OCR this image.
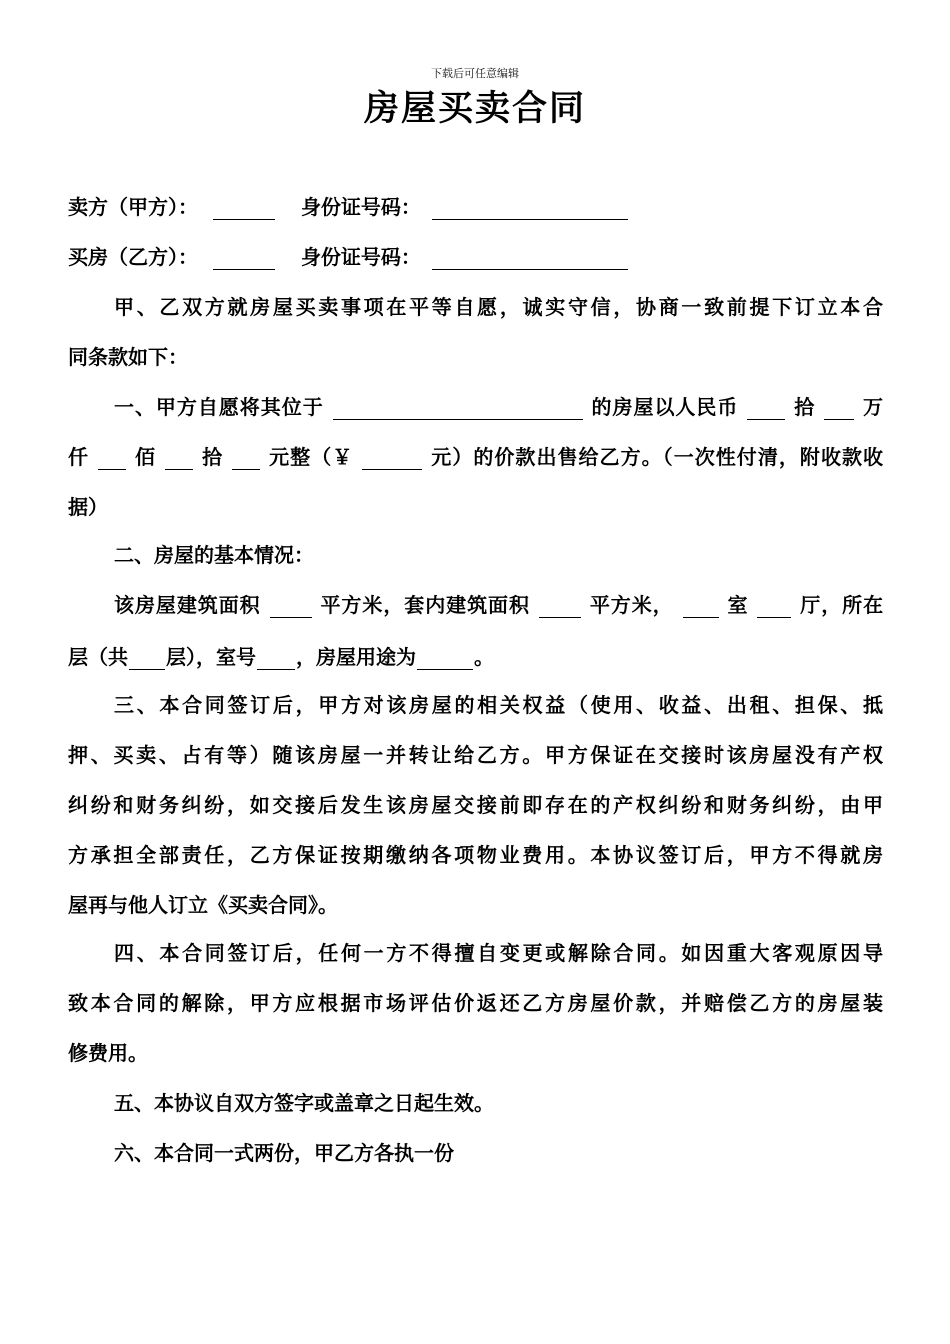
下载后可任意编辑
房屋买卖合同
卖方（甲方）：	身份证号码：
买房（乙方）：	身份证号码：
甲、乙双方就房屋买卖事项在平等自愿，诚实守信，协商一致前提下订立本合
同条款如下：
一、甲方自愿将其位于	的房屋以人民币	拾 万
仟 佰 拾 元整（￥	元）的价款出售给乙方。（一次性付清，附收款收
据）
二、房屋的基本情况：
该房屋建筑面积	平方米，套内建筑面积	平方米，	室	厅，所在
层（共 层），室号 ，房屋用途为	。
三、本合同签订后，甲方对该房屋的相关权益（使用、收益、出租、担保、抵
押、买卖、占有等）随该房屋一并转让给乙方。甲方保证在交接时该房屋没有产权
纠纷和财务纠纷，如交接后发生该房屋交接前即存在的产权纠纷和财务纠纷，由甲
方承担全部责任，乙方保证按期缴纳各项物业费用。本协议签订后，甲方不得就房
屋再与他人订立《买卖合同》。
四、本合同签订后，任何一方不得擅自变更或解除合同。如因重大客观原因导
致本合同的解除，甲方应根据市场评估价返还乙方房屋价款，并赔偿乙方的房屋装
修费用。
五、本协议自双方签字或盖章之日起生效。
六、本合同一式两份，甲乙方各执一份
